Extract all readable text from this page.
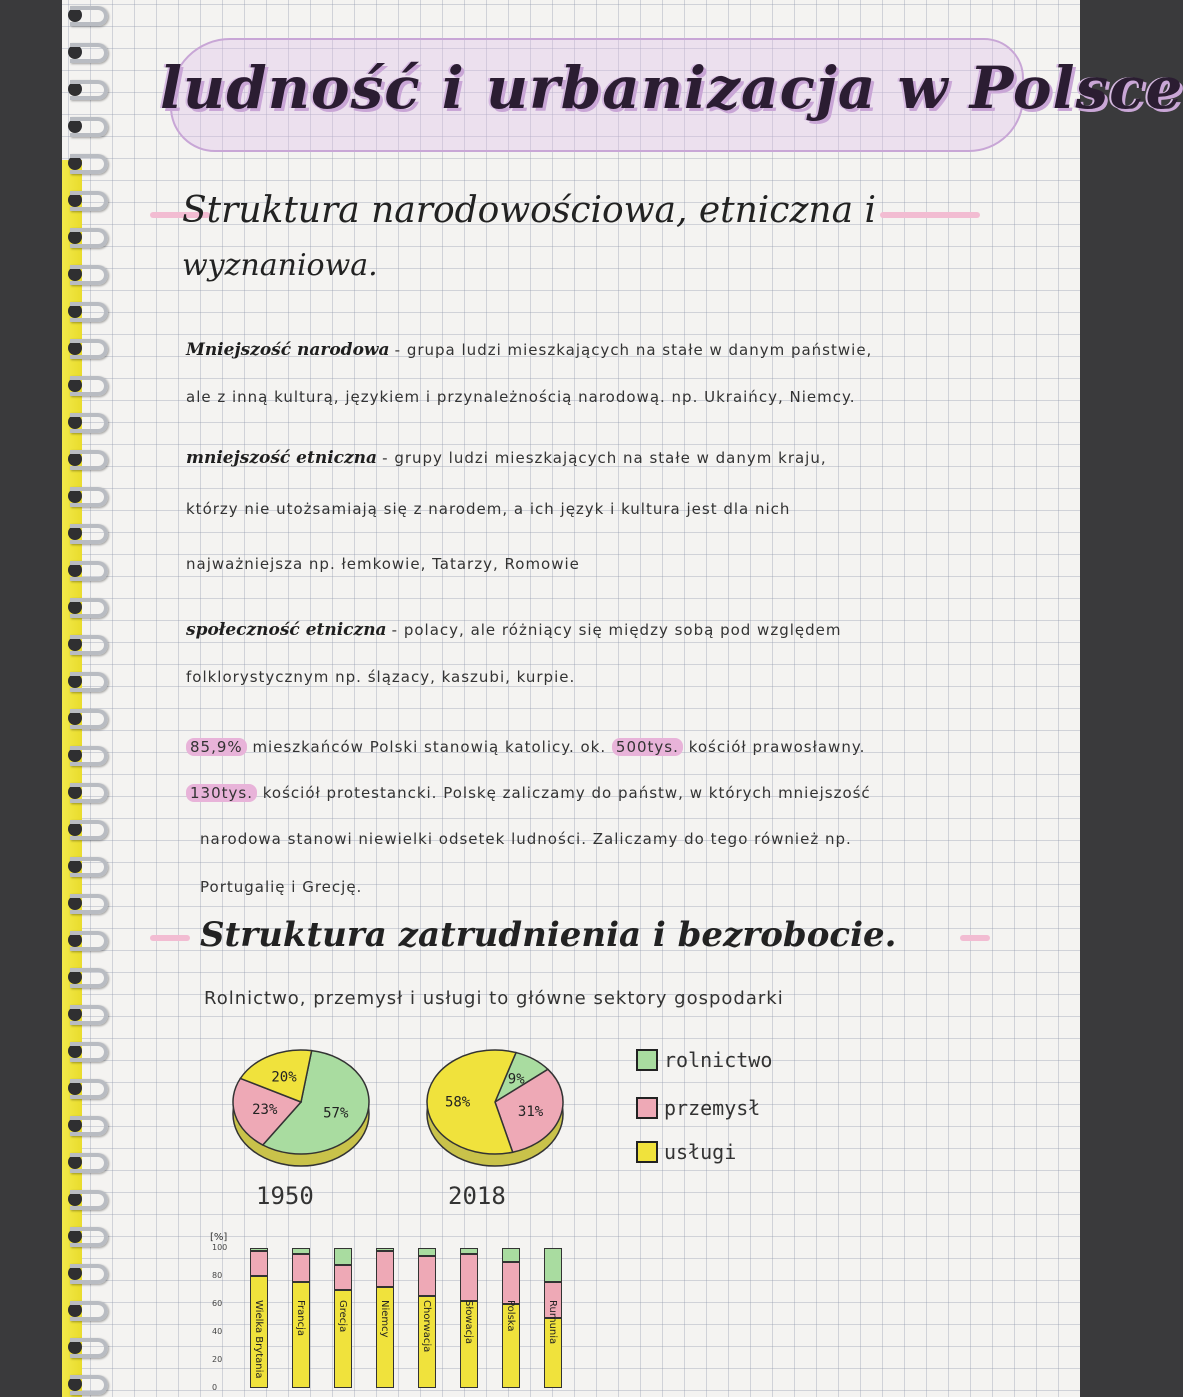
ludność i urbanizacja w Polsce
Struktura narodowościowa, etniczna i
wyznaniowa.
Mniejszość narodowa - grupa ludzi mieszkających na stałe w danym państwie,
ale z inną kulturą, językiem i przynależnością narodową. np. Ukraińcy, Niemcy.
mniejszość etniczna - grupy ludzi mieszkających na stałe w danym kraju,
którzy nie utożsamiają się z narodem, a ich język i kultura jest dla nich
najważniejsza np. łemkowie, Tatarzy, Romowie
społeczność etniczna - polacy, ale różniący się między sobą pod względem
folklorystycznym np. ślązacy, kaszubi, kurpie.
85,9% mieszkańców Polski stanowią katolicy. ok. 500tys. kościół prawosławny.
130tys. kościół protestancki. Polskę zaliczamy do państw, w których mniejszość
narodowa stanowi niewielki odsetek ludności. Zaliczamy do tego również np.
Portugalię i Grecję.
Struktura zatrudnienia i bezrobocie.
Rolnictwo, przemysł i usługi to główne sektory gospodarki
57%
23%
20%
1950
9%
31%
58%
2018
rolnictwo
przemysł
usługi
[%]
100
80
60
40
20
0
Wielka Brytania	Francja	Grecja	Niemcy	Chorwacja	Słowacja	Polska	Rumunia
